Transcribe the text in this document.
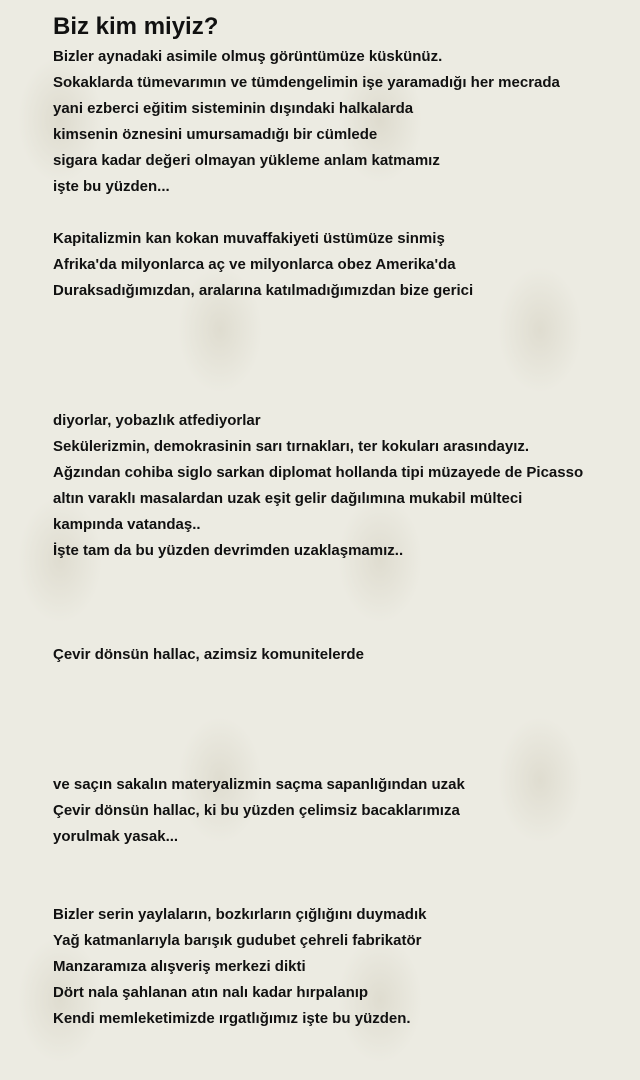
Biz kim miyiz?
Bizler aynadaki asimile olmuş görüntümüze küskünüz.
Sokaklarda tümevarımın ve tümdengelimin işe yaramadığı her mecrada
yani ezberci eğitim sisteminin dışındaki halkalarda
kimsenin öznesini umursamadığı bir cümlede
sigara kadar değeri olmayan yükleme anlam katmamız
işte bu yüzden...
Kapitalizmin kan kokan muvaffakiyeti üstümüze sinmiş
Afrika'da milyonlarca aç ve milyonlarca obez Amerika'da
Duraksadığımızdan, aralarına katılmadığımızdan bize gerici
diyorlar, yobazlık atfediyorlar
Sekülerizmin, demokrasinin sarı tırnakları, ter kokuları arasındayız.
Ağzından cohiba siglo sarkan diplomat hollanda tipi müzayede de Picasso
altın varaklı masalardan uzak eşit gelir dağılımına mukabil mülteci
kampında vatandaş..
İşte tam da bu yüzden devrimden uzaklaşmamız..
Çevir dönsün hallac, azimsiz komunitelerde
ve saçın sakalın materyalizmin saçma sapanlığından uzak
Çevir dönsün hallac, ki bu yüzden çelimsiz bacaklarımıza
yorulmak yasak...
Bizler serin yaylaların, bozkırların çığlığını duymadık
Yağ katmanlarıyla barışık gudubet çehreli fabrikatör
Manzaramıza alışveriş merkezi dikti
Dört nala şahlanan atın nalı kadar hırpalanıp
Kendi memleketimizde ırgatlığımız işte bu yüzden.
